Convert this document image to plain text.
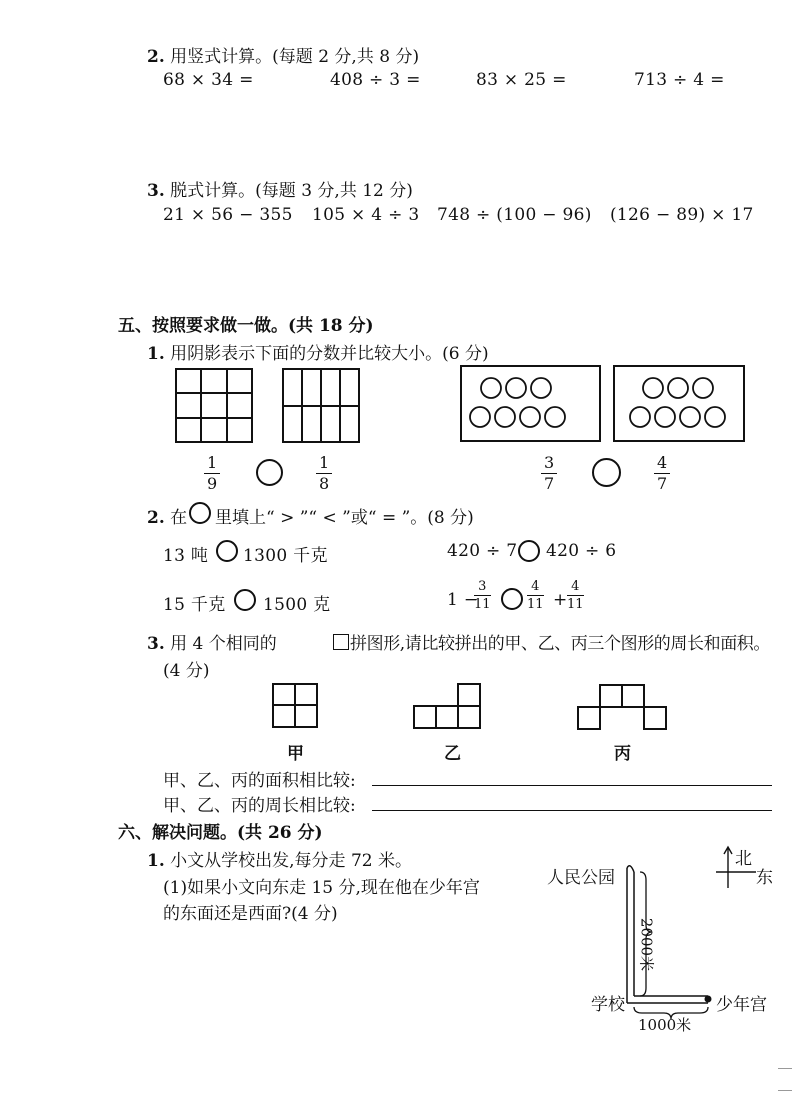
2. 用竖式计算。(每题 2 分,共 8 分)
68 × 34 =	408 ÷ 3 =	83 × 25 =	713 ÷ 4 =
3. 脱式计算。(每题 3 分,共 12 分)
21 × 56 − 355 105 × 4 ÷ 3 748 ÷ (100 − 96) (126 − 89) × 17
五、按照要求做一做。(共 18 分)
1. 用阴影表示下面的分数并比较大小。(6 分)
1
9
1
8
3
7
4
7
2. 在 里填上“ > ”“ < ”或“ = ”。(8 分)
13 吨 1300 千克	420 ÷ 7 420 ÷ 6
15 千克 1500 克	1 −
3
11
4
11 +
4
11
3. 用 4 个相同的	拼图形,请比较拼出的甲、乙、丙三个图形的周长和面积。
(4 分)
甲	乙	丙
甲、乙、丙的面积相比较:
甲、乙、丙的周长相比较:
六、解决问题。(共 26 分)
1. 小文从学校出发,每分走 72 米。
(1)如果小文向东走 15 分,现在他在少年宫
的东面还是西面?(4 分)
人民公园
学校	少年宫
2000米
1000米
北
东
